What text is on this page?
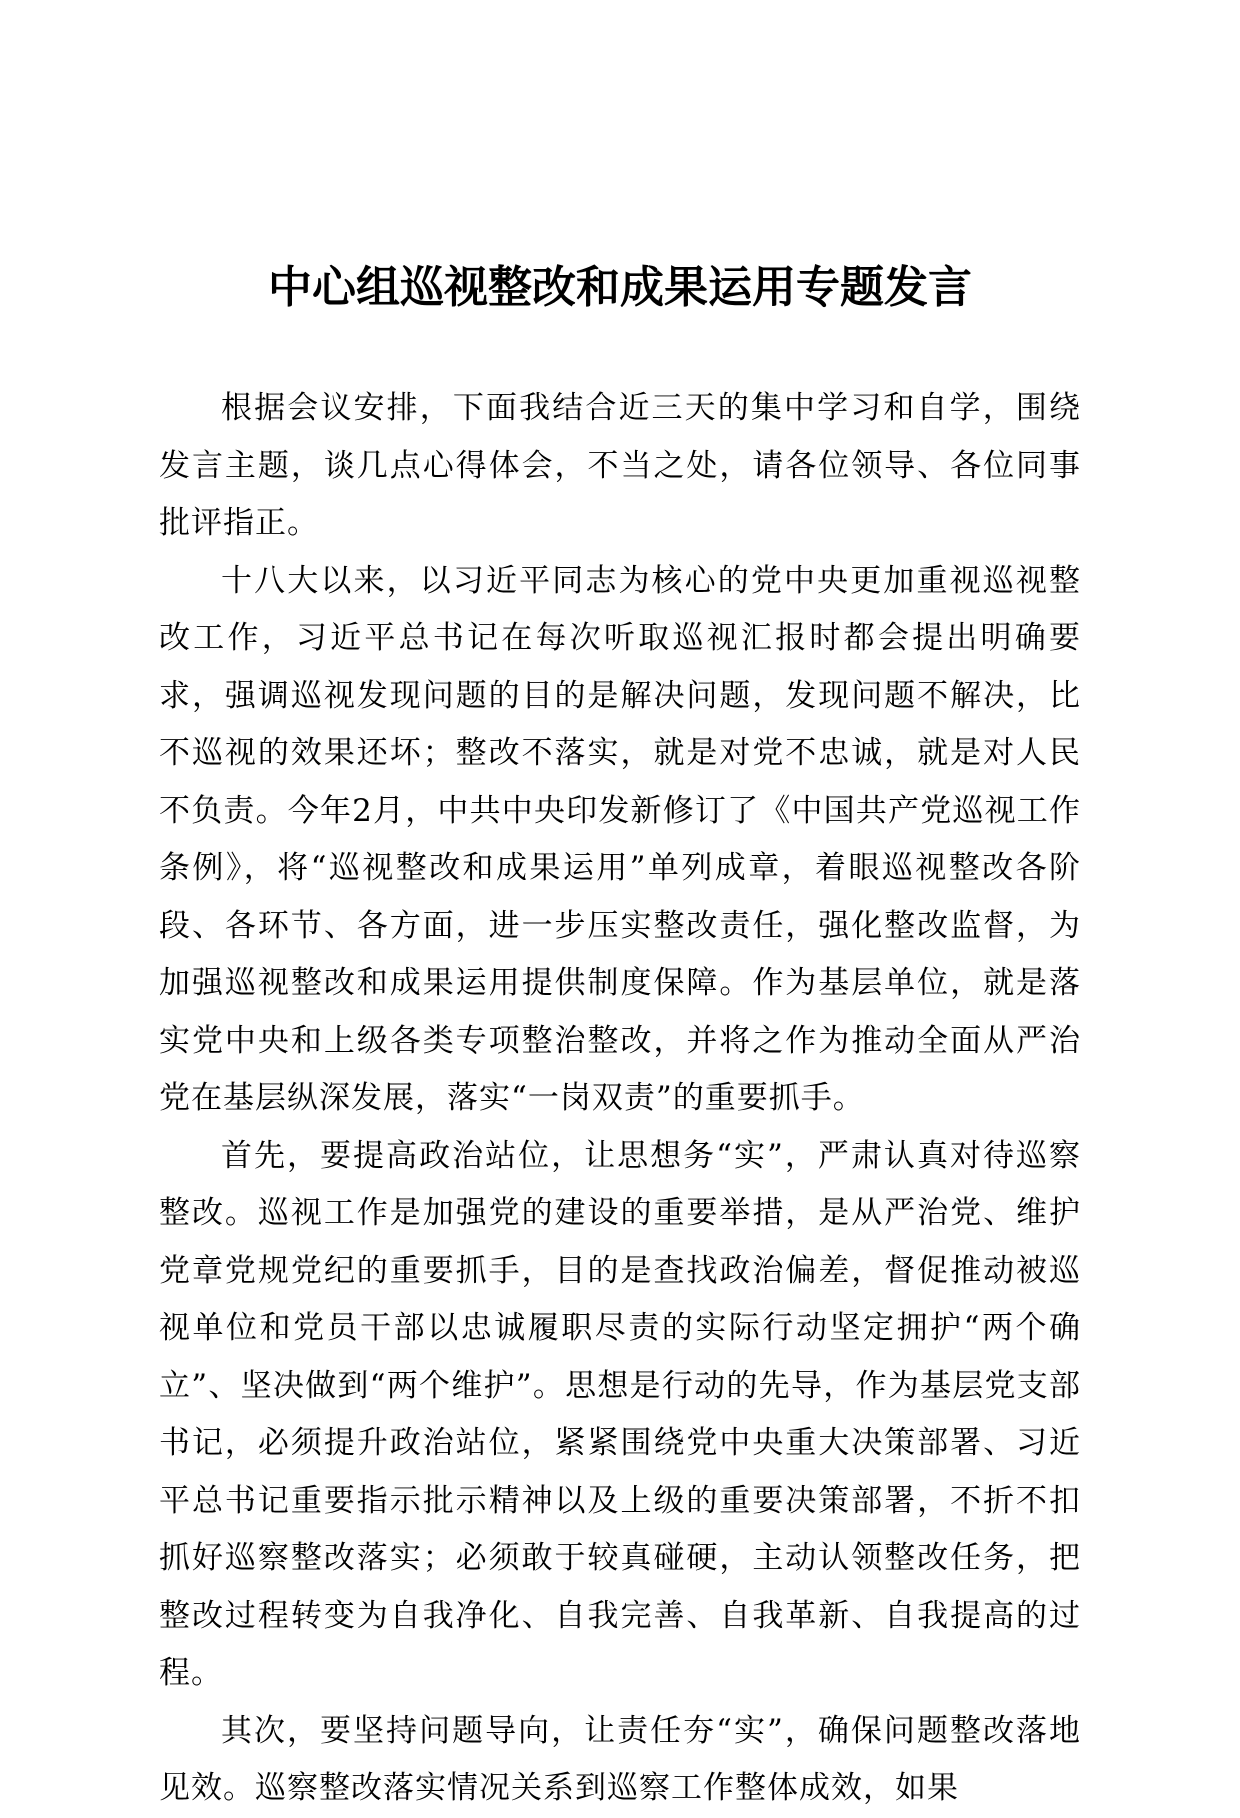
中心组巡视整改和成果运用专题发言

根据会议安排，下面我结合近三天的集中学习和自学，围绕发言主题，谈几点心得体会，不当之处，请各位领导、各位同事批评指正。

十八大以来，以习近平同志为核心的党中央更加重视巡视整改工作，习近平总书记在每次听取巡视汇报时都会提出明确要求，强调巡视发现问题的目的是解决问题，发现问题不解决，比不巡视的效果还坏；整改不落实，就是对党不忠诚，就是对人民不负责。今年2月，中共中央印发新修订了《中国共产党巡视工作条例》，将“巡视整改和成果运用”单列成章，着眼巡视整改各阶段、各环节、各方面，进一步压实整改责任，强化整改监督，为加强巡视整改和成果运用提供制度保障。作为基层单位，就是落实党中央和上级各类专项整治整改，并将之作为推动全面从严治党在基层纵深发展，落实“一岗双责”的重要抓手。

首先，要提高政治站位，让思想务“实”，严肃认真对待巡察整改。巡视工作是加强党的建设的重要举措，是从严治党、维护党章党规党纪的重要抓手，目的是查找政治偏差，督促推动被巡视单位和党员干部以忠诚履职尽责的实际行动坚定拥护“两个确立”、坚决做到“两个维护”。思想是行动的先导，作为基层党支部书记，必须提升政治站位，紧紧围绕党中央重大决策部署、习近平总书记重要指示批示精神以及上级的重要决策部署，不折不扣抓好巡察整改落实；必须敢于较真碰硬，主动认领整改任务，把整改过程转变为自我净化、自我完善、自我革新、自我提高的过程。

其次，要坚持问题导向，让责任夯“实”，确保问题整改落地见效。巡察整改落实情况关系到巡察工作整体成效，如果
